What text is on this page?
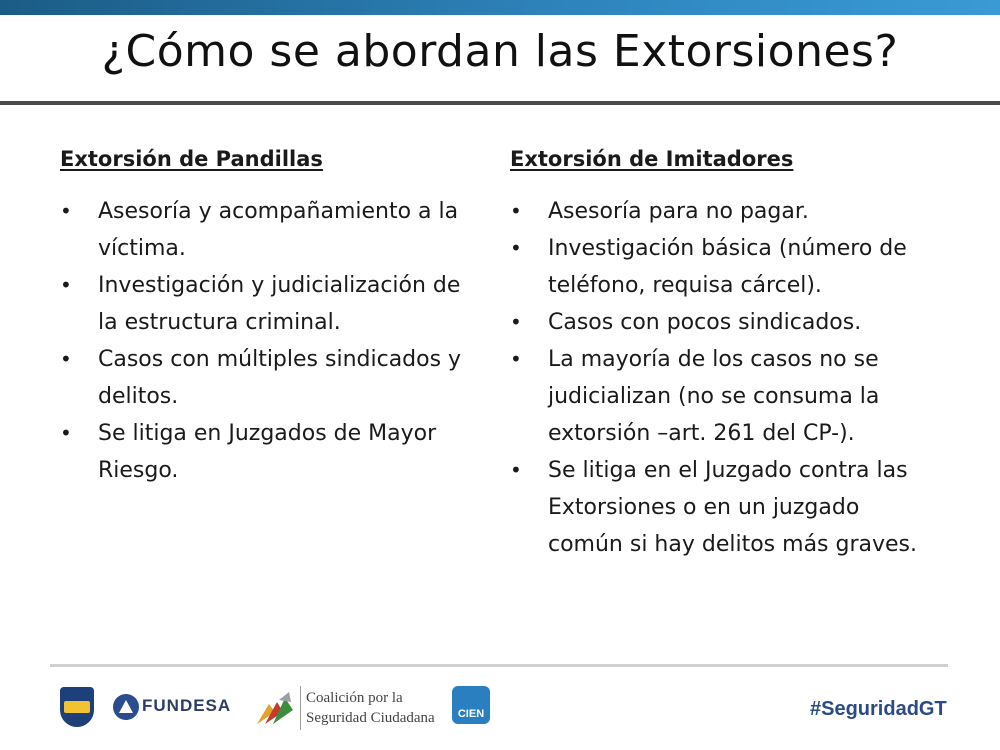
¿Cómo se abordan las Extorsiones?
Extorsión de Pandillas
• Asesoría y acompañamiento a la víctima.
• Investigación y judicialización de la estructura criminal.
• Casos con múltiples sindicados y delitos.
• Se litiga en Juzgados de Mayor Riesgo.
Extorsión de Imitadores
• Asesoría para no pagar.
• Investigación básica (número de teléfono, requisa cárcel).
• Casos con pocos sindicados.
• La mayoría de los casos no se judicializan (no se consuma la extorsión –art. 261 del CP-).
• Se litiga en el Juzgado contra las Extorsiones o en un juzgado común si hay delitos más graves.
FUNDESA	Coalición por la
Seguridad Ciudadana CIEN	#SeguridadGT
